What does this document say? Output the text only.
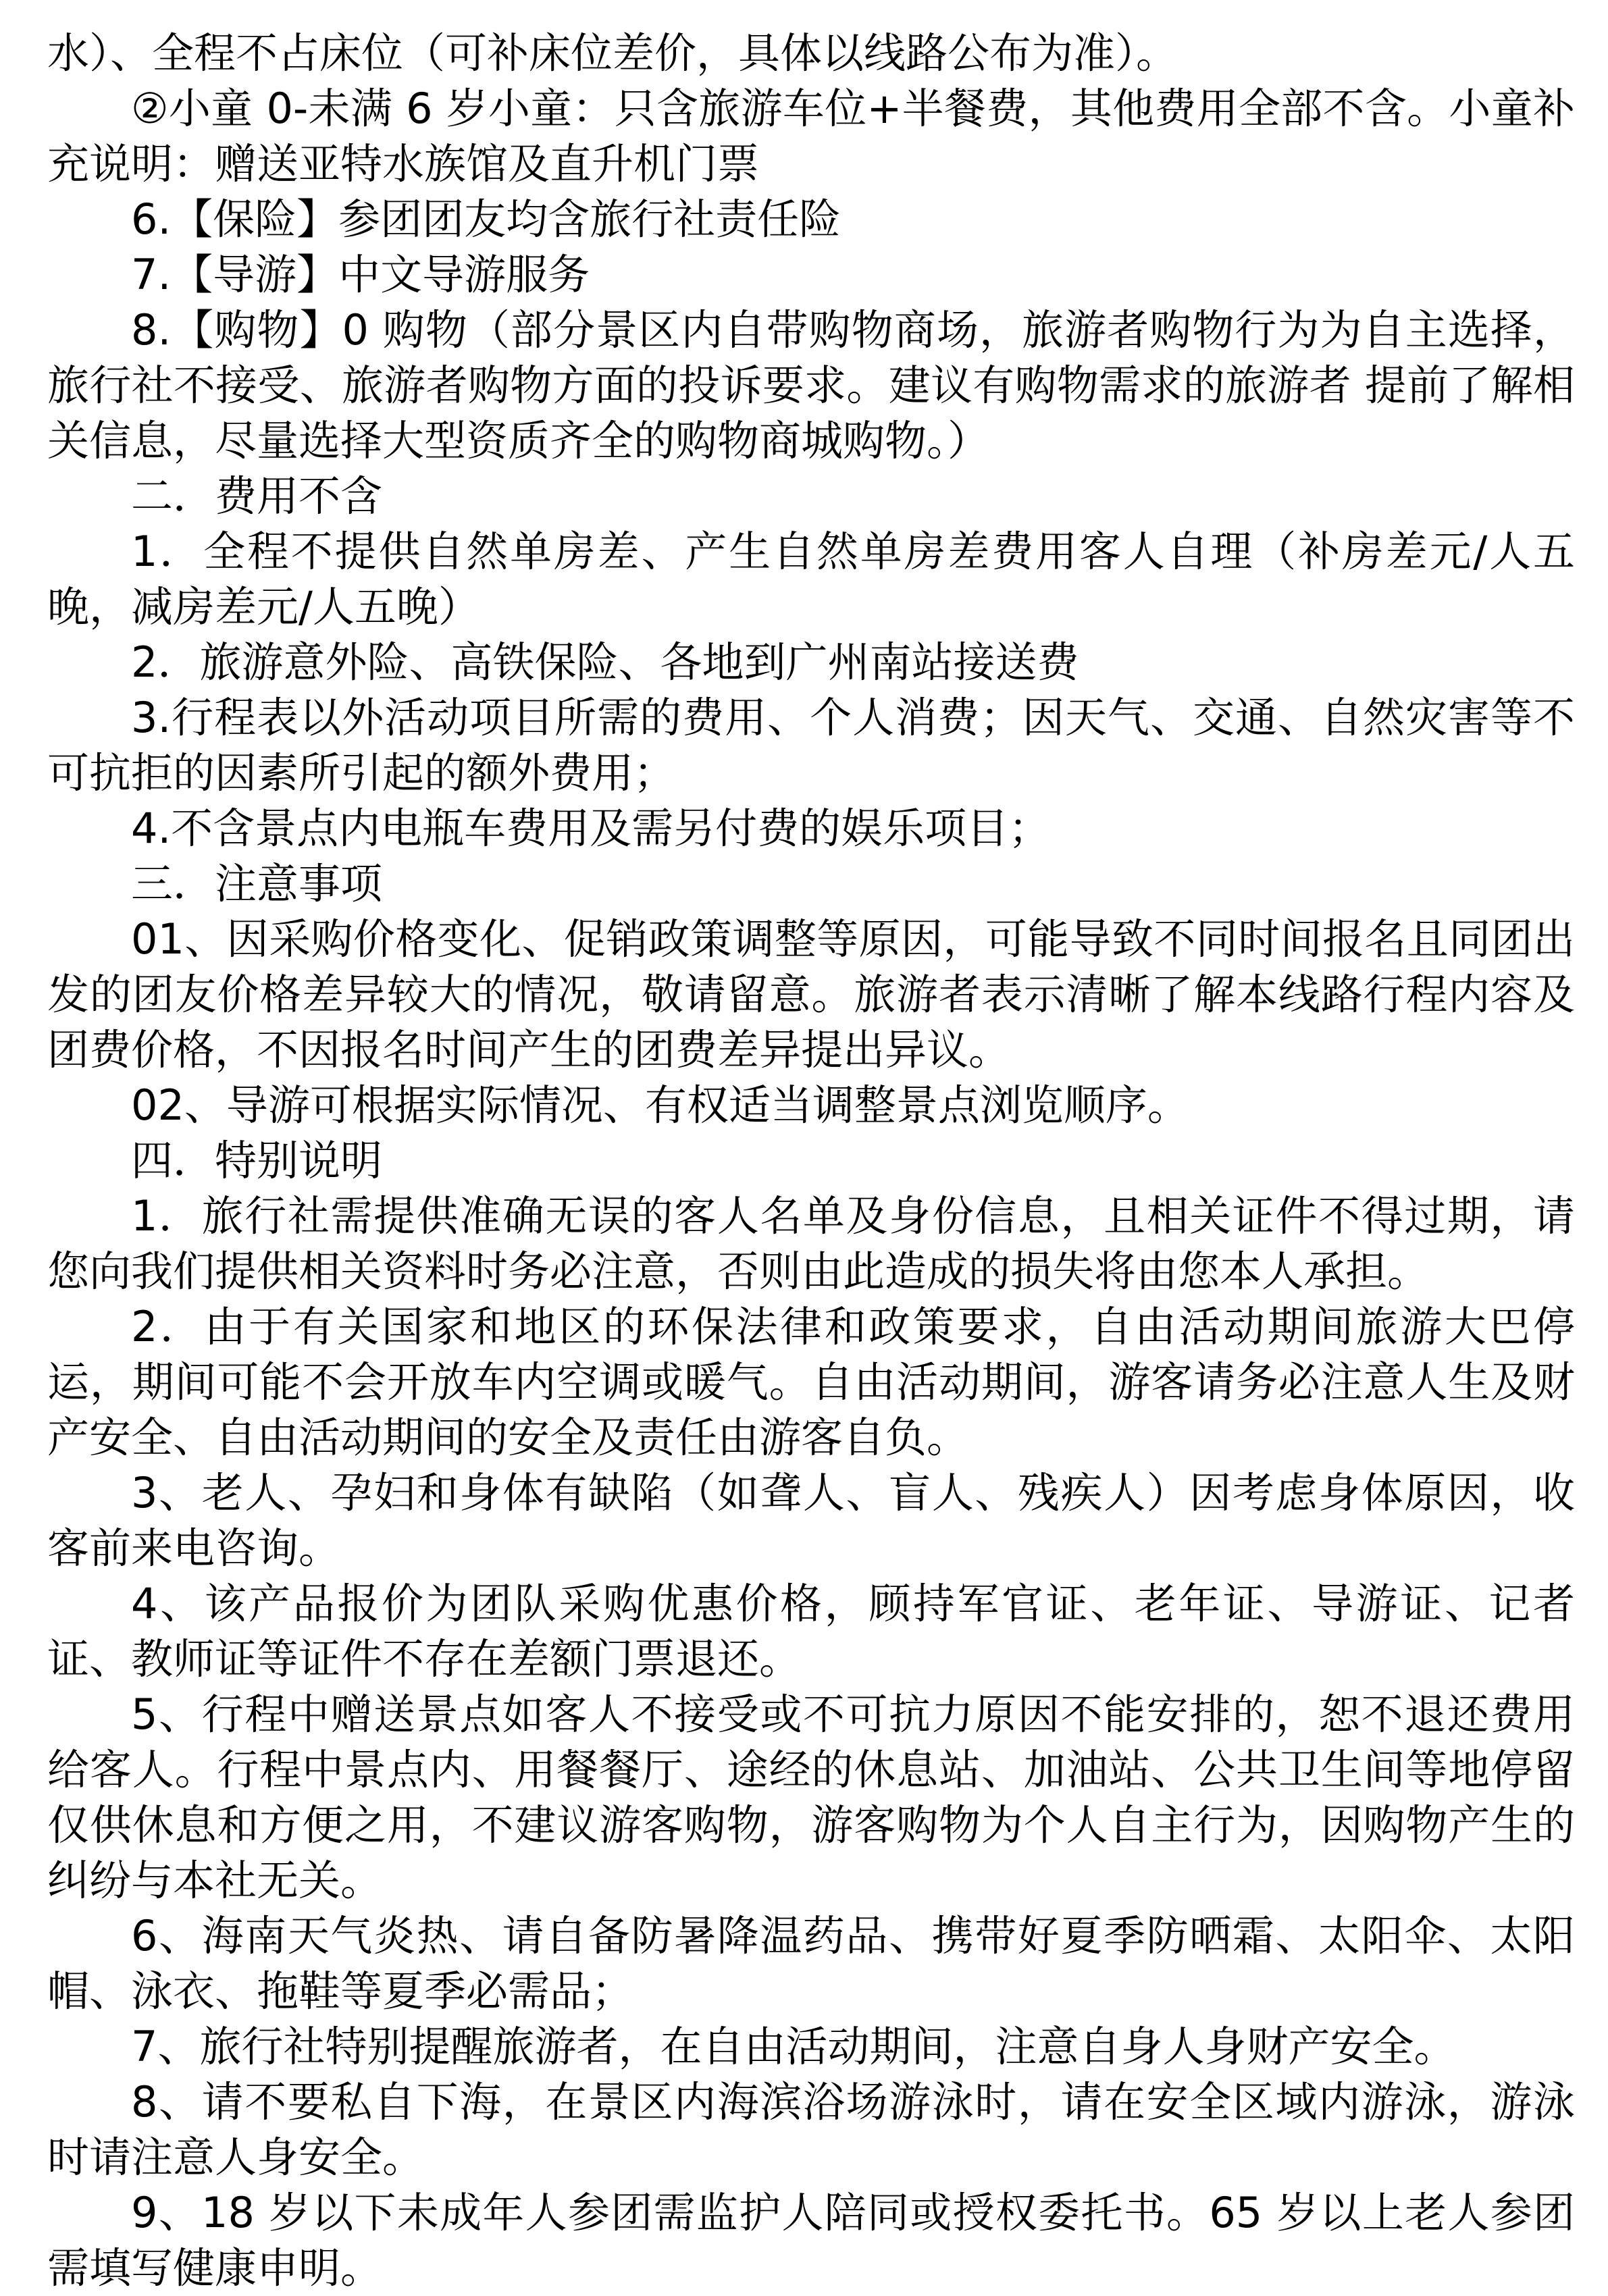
水）、全程不占床位（可补床位差价，具体以线路公布为准）。

②小童 0-未满 6 岁小童：只含旅游车位+半餐费，其他费用全部不含。小童补充说明：赠送亚特水族馆及直升机门票

6.【保险】参团团友均含旅行社责任险

7.【导游】中文导游服务

8.【购物】0 购物（部分景区内自带购物商场，旅游者购物行为为自主选择，旅行社不接受、旅游者购物方面的投诉要求。建议有购物需求的旅游者 提前了解相关信息，尽量选择大型资质齐全的购物商城购物。）

二．费用不含

1．全程不提供自然单房差、产生自然单房差费用客人自理（补房差元/人五晚，减房差元/人五晚）

2．旅游意外险、高铁保险、各地到广州南站接送费

3.行程表以外活动项目所需的费用、个人消费；因天气、交通、自然灾害等不可抗拒的因素所引起的额外费用；

4.不含景点内电瓶车费用及需另付费的娱乐项目；

三．注意事项

01、因采购价格变化、促销政策调整等原因，可能导致不同时间报名且同团出发的团友价格差异较大的情况，敬请留意。旅游者表示清晰了解本线路行程内容及团费价格，不因报名时间产生的团费差异提出异议。

02、导游可根据实际情况、有权适当调整景点浏览顺序。

四．特别说明

1．旅行社需提供准确无误的客人名单及身份信息，且相关证件不得过期，请您向我们提供相关资料时务必注意，否则由此造成的损失将由您本人承担。

2．由于有关国家和地区的环保法律和政策要求，自由活动期间旅游大巴停运，期间可能不会开放车内空调或暖气。自由活动期间，游客请务必注意人生及财产安全、自由活动期间的安全及责任由游客自负。

3、老人、孕妇和身体有缺陷（如聋人、盲人、残疾人）因考虑身体原因，收客前来电咨询。

4、该产品报价为团队采购优惠价格，顾持军官证、老年证、导游证、记者证、教师证等证件不存在差额门票退还。

5、行程中赠送景点如客人不接受或不可抗力原因不能安排的，恕不退还费用给客人。行程中景点内、用餐餐厅、途经的休息站、加油站、公共卫生间等地停留仅供休息和方便之用，不建议游客购物，游客购物为个人自主行为，因购物产生的纠纷与本社无关。

6、海南天气炎热、请自备防暑降温药品、携带好夏季防晒霜、太阳伞、太阳帽、泳衣、拖鞋等夏季必需品；

7、旅行社特别提醒旅游者，在自由活动期间，注意自身人身财产安全。

8、请不要私自下海，在景区内海滨浴场游泳时，请在安全区域内游泳，游泳时请注意人身安全。

9、18 岁以下未成年人参团需监护人陪同或授权委托书。65 岁以上老人参团需填写健康申明。
